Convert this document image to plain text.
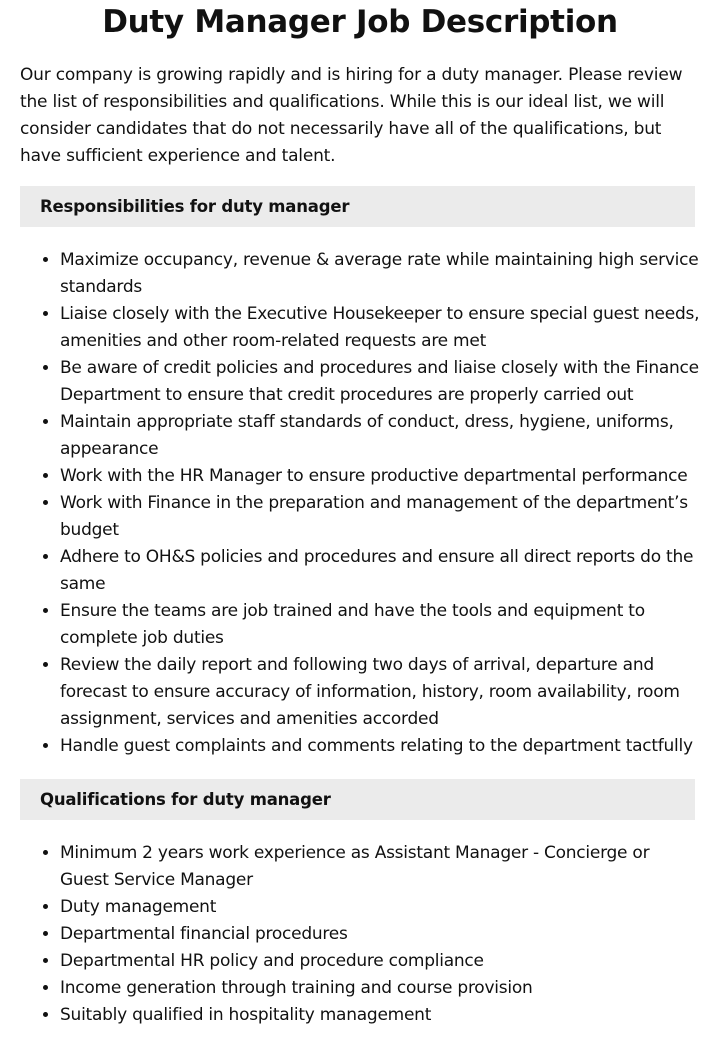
Duty Manager Job Description

Our company is growing rapidly and is hiring for a duty manager. Please review the list of responsibilities and qualifications. While this is our ideal list, we will consider candidates that do not necessarily have all of the qualifications, but have sufficient experience and talent.

Responsibilities for duty manager
• Maximize occupancy, revenue & average rate while maintaining high service standards
• Liaise closely with the Executive Housekeeper to ensure special guest needs, amenities and other room-related requests are met
• Be aware of credit policies and procedures and liaise closely with the Finance Department to ensure that credit procedures are properly carried out
• Maintain appropriate staff standards of conduct, dress, hygiene, uniforms, appearance
• Work with the HR Manager to ensure productive departmental performance
• Work with Finance in the preparation and management of the department’s budget
• Adhere to OH&S policies and procedures and ensure all direct reports do the same
• Ensure the teams are job trained and have the tools and equipment to complete job duties
• Review the daily report and following two days of arrival, departure and forecast to ensure accuracy of information, history, room availability, room assignment, services and amenities accorded
• Handle guest complaints and comments relating to the department tactfully
Qualifications for duty manager
• Minimum 2 years work experience as Assistant Manager - Concierge or Guest Service Manager
• Duty management
• Departmental financial procedures
• Departmental HR policy and procedure compliance
• Income generation through training and course provision
• Suitably qualified in hospitality management
